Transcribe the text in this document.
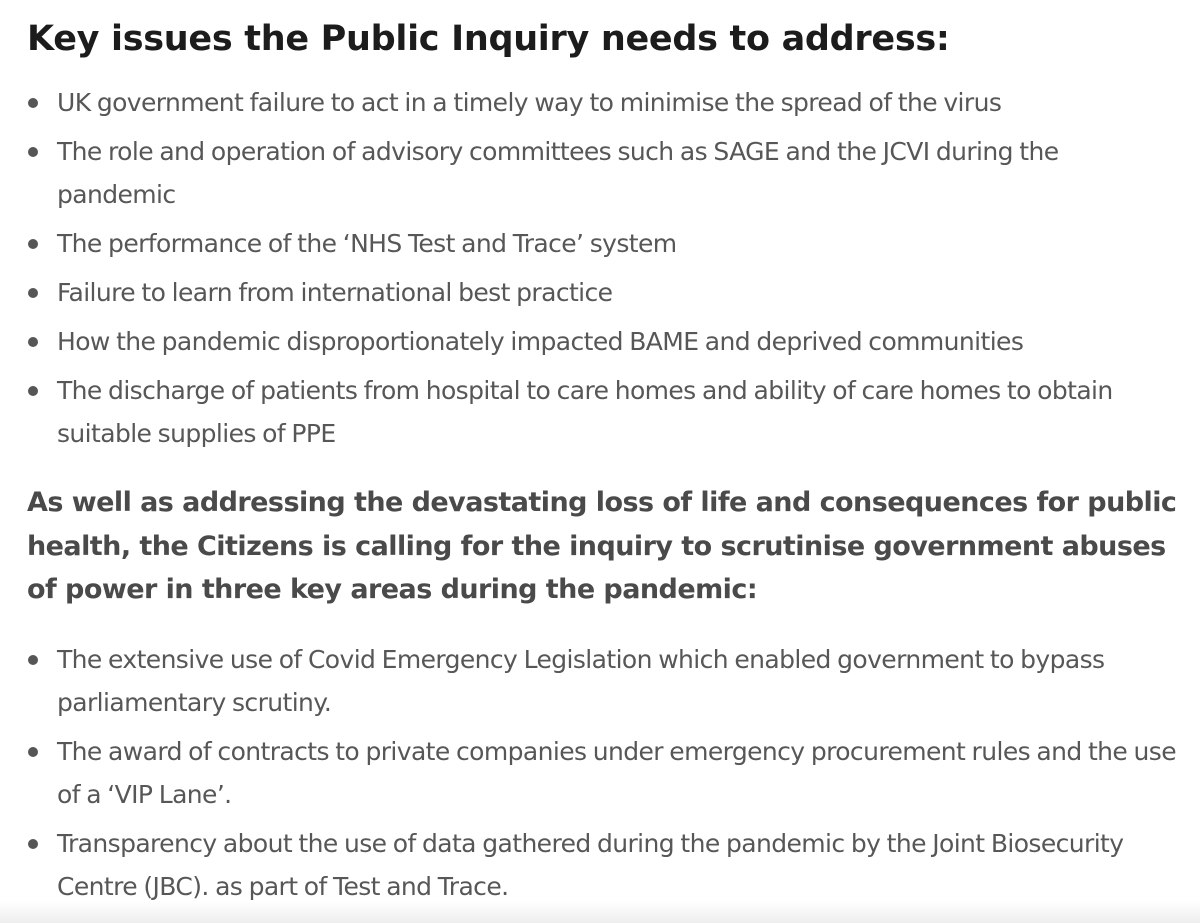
Key issues the Public Inquiry needs to address:
UK government failure to act in a timely way to minimise the spread of the virus
The role and operation of advisory committees such as SAGE and the JCVI during the pandemic
The performance of the ‘NHS Test and Trace’ system
Failure to learn from international best practice
How the pandemic disproportionately impacted BAME and deprived communities
The discharge of patients from hospital to care homes and ability of care homes to obtain suitable supplies of PPE

As well as addressing the devastating loss of life and consequences for public health, the Citizens is calling for the inquiry to scrutinise government abuses of power in three key areas during the pandemic:

The extensive use of Covid Emergency Legislation which enabled government to bypass parliamentary scrutiny.
The award of contracts to private companies under emergency procurement rules and the use of a ‘VIP Lane’.
Transparency about the use of data gathered during the pandemic by the Joint Biosecurity Centre (JBC). as part of Test and Trace.
